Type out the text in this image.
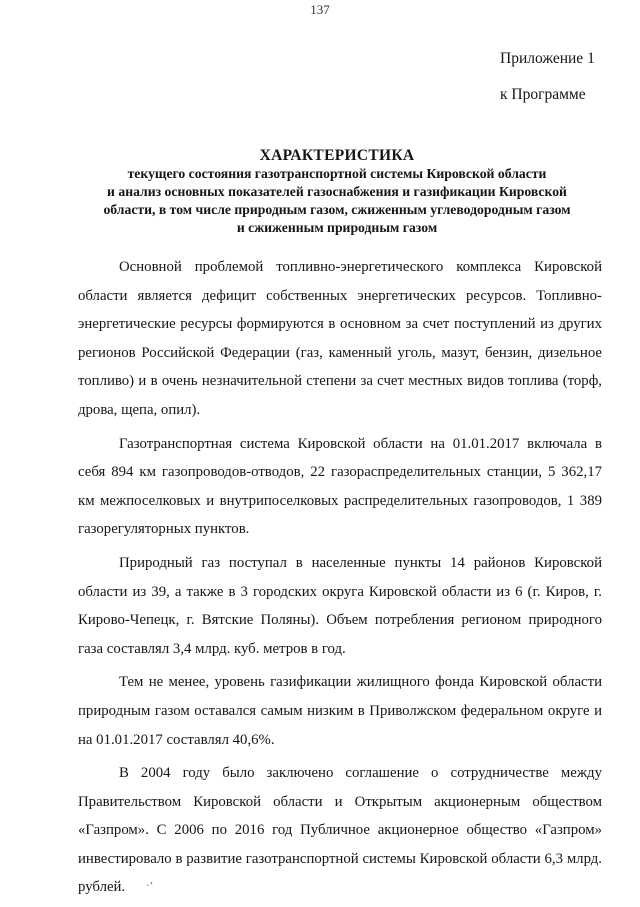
137
Приложение 1
к Программе
ХАРАКТЕРИСТИКА
текущего состояния газотранспортной системы Кировской области
и анализ основных показателей газоснабжения и газификации Кировской
области, в том числе природным газом, сжиженным углеводородным газом
и сжиженным природным газом

Основной проблемой топливно-энергетического комплекса Кировской области является дефицит собственных энергетических ресурсов. Топливно-энергетические ресурсы формируются в основном за счет поступлений из других регионов Российской Федерации (газ, каменный уголь, мазут, бензин, дизельное топливо) и в очень незначительной степени за счет местных видов топлива (торф, дрова, щепа, опил).

Газотранспортная система Кировской области на 01.01.2017 включала в себя 894 км газопроводов-отводов, 22 газораспределительных станции, 5 362,17 км межпоселковых и внутрипоселковых распределительных газопроводов, 1 389 газорегуляторных пунктов.

Природный газ поступал в населенные пункты 14 районов Кировской области из 39, а также в 3 городских округа Кировской области из 6 (г. Киров, г. Кирово-Чепецк, г. Вятские Поляны). Объем потребления регионом природного газа составлял 3,4 млрд. куб. метров в год.

Тем не менее, уровень газификации жилищного фонда Кировской области природным газом оставался самым низким в Приволжском федеральном округе и на 01.01.2017 составлял 40,6%.

В 2004 году было заключено соглашение о сотрудничестве между Правительством Кировской области и Открытым акционерным обществом «Газпром». С 2006 по 2016 год Публичное акционерное общество «Газпром» инвестировало в развитие газотранспортной системы Кировской области 6,3 млрд. рублей.	·ʼ
